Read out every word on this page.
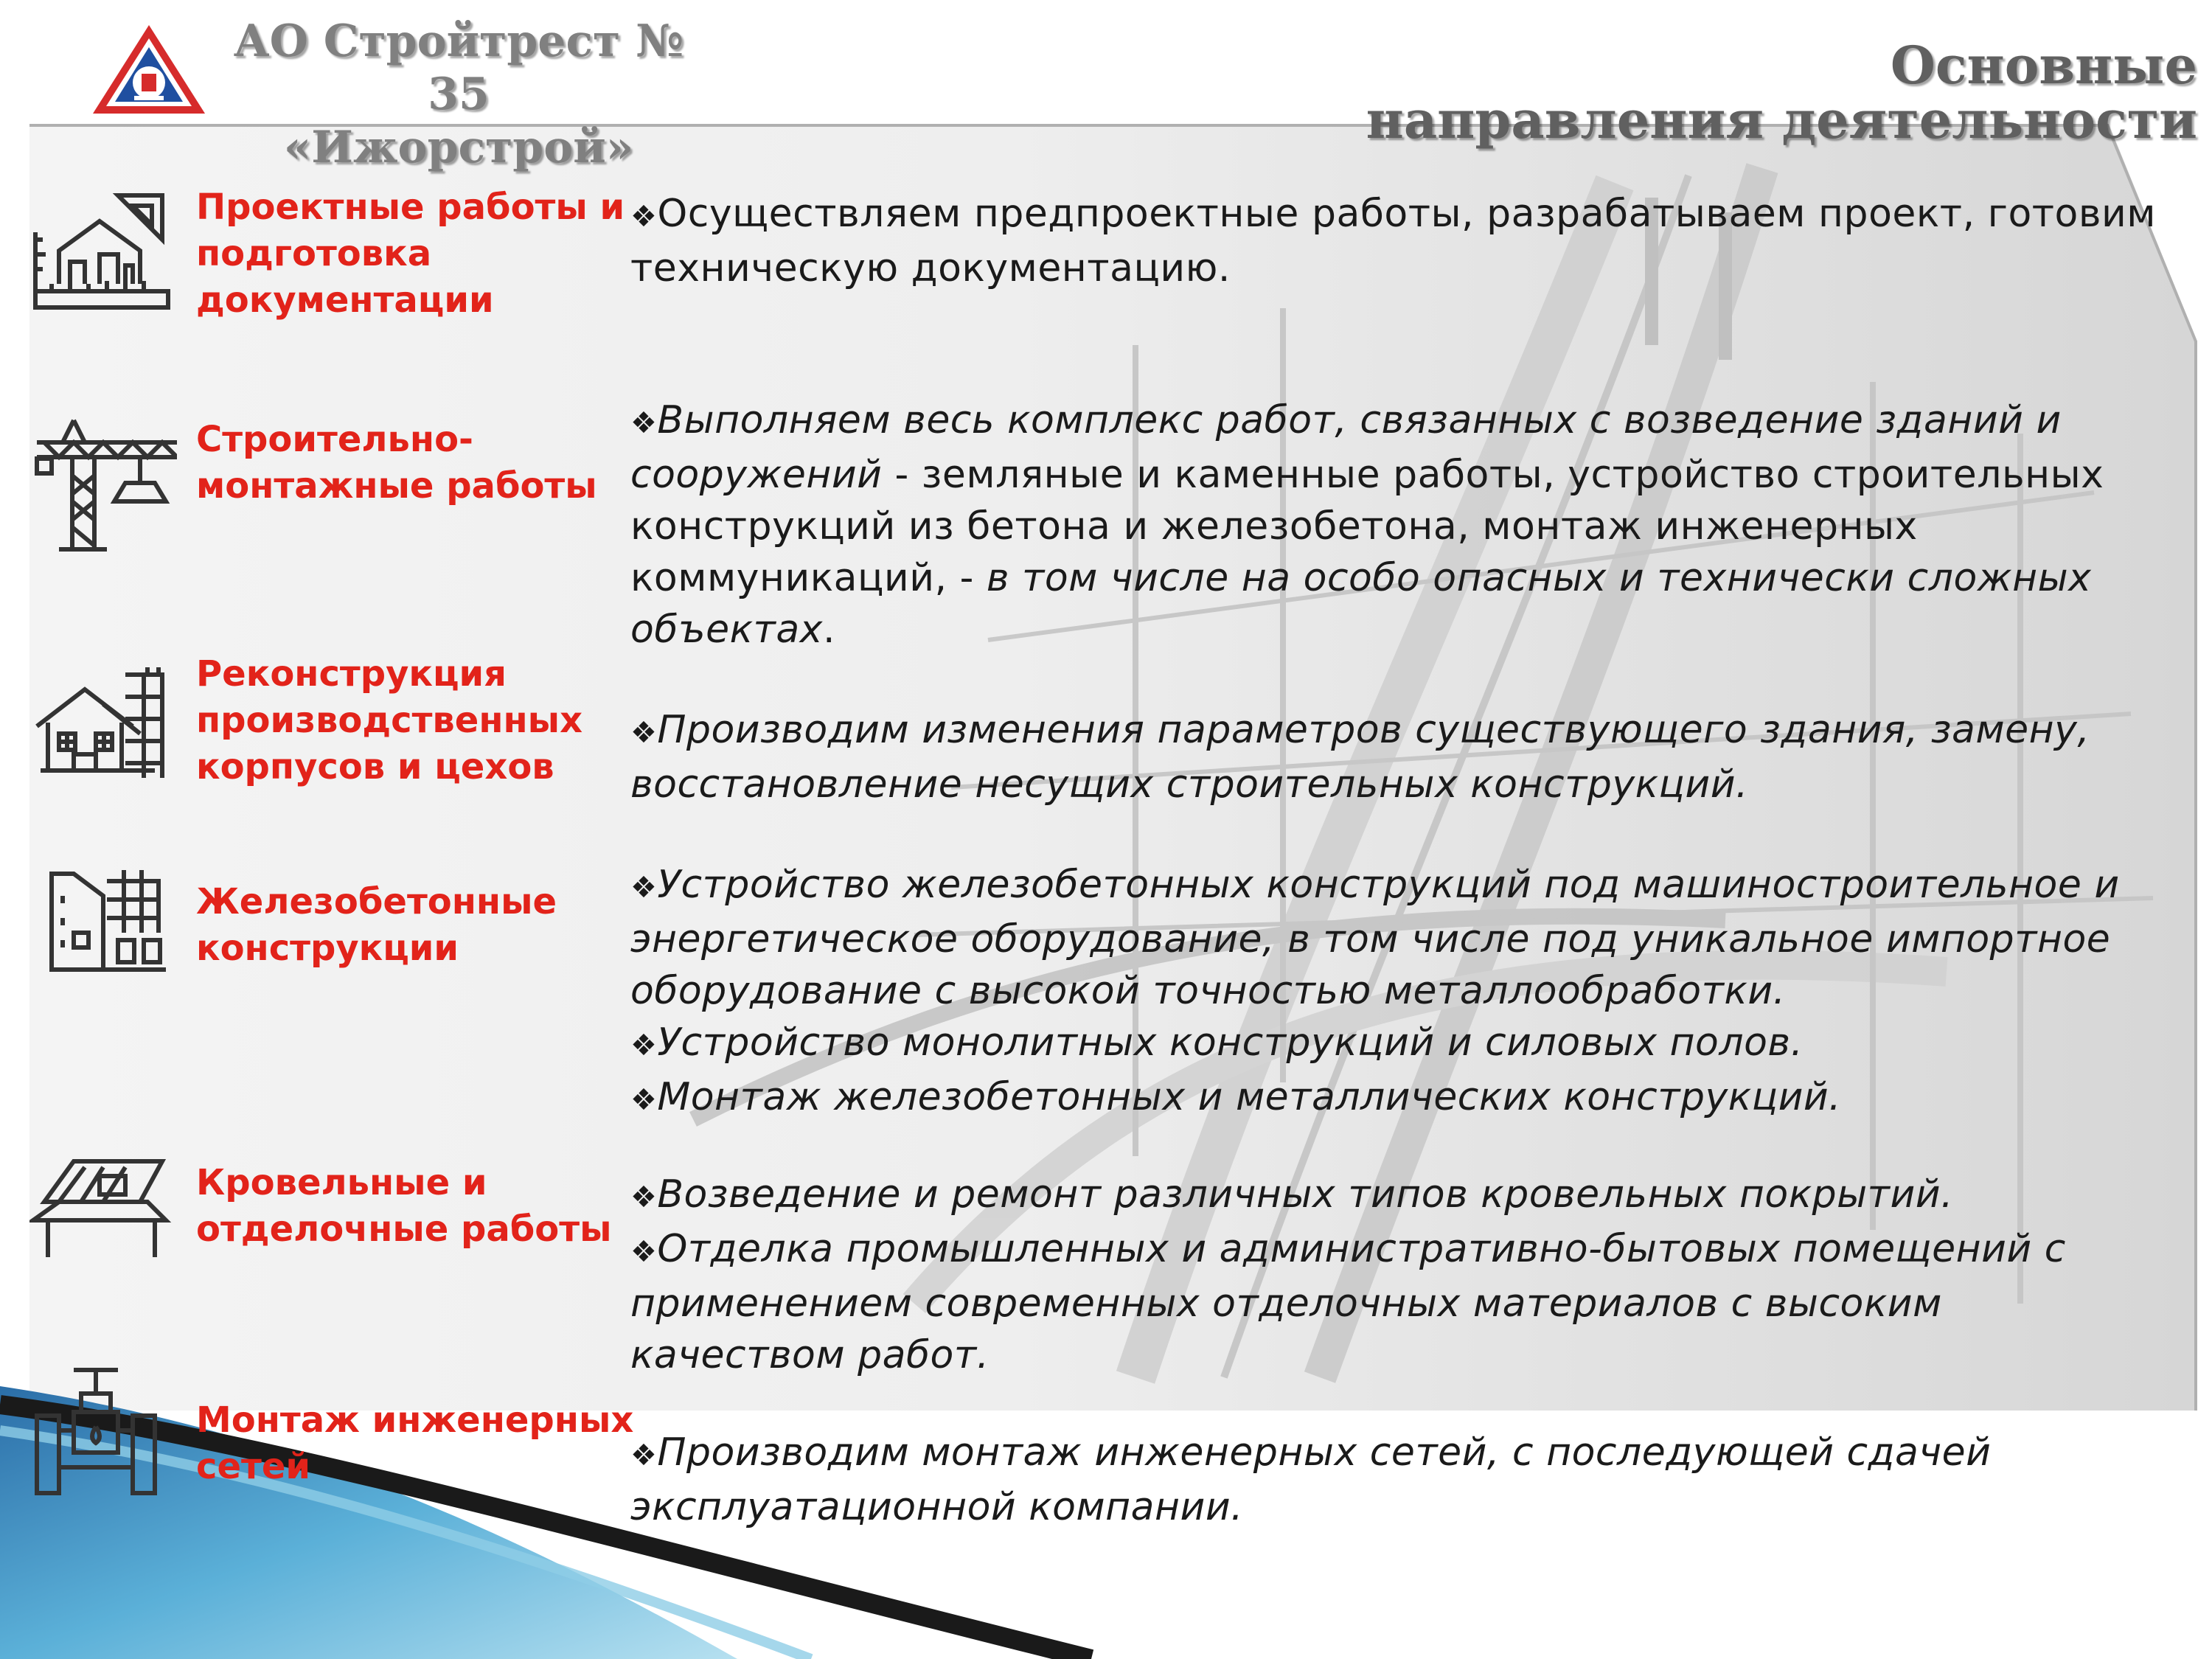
АО Стройтрест № 35
«Ижорстрой»
Основные
направления деятельности
Проектные работы и подготовка документации

❖Осуществляем предпроектные работы, разрабатываем проект, готовим техническую документацию.

Строительно-монтажные работы

❖Выполняем весь комплекс работ, связанных с возведение зданий и сооружений - земляные и каменные работы, устройство строительных конструкций из бетона и железобетона, монтаж инженерных коммуникаций, - в том числе на особо опасных и технически сложных объектах.

Реконструкция производственных корпусов и цехов

❖Производим изменения параметров существующего здания, замену, восстановление несущих строительных конструкций.

Железобетонные конструкции

❖Устройство железобетонных конструкций под машиностроительное и энергетическое оборудование, в том числе под уникальное импортное оборудование с высокой точностью металлообработки.

❖Устройство монолитных конструкций и силовых полов.

❖Монтаж железобетонных и металлических конструкций.

Кровельные и отделочные работы

❖Возведение и ремонт различных типов кровельных покрытий.

❖Отделка промышленных и административно-бытовых помещений с применением современных отделочных материалов с высоким качеством работ.

Монтаж инженерных сетей	❖Производим монтаж инженерных сетей, с последующей сдачей эксплуатационной компании.
